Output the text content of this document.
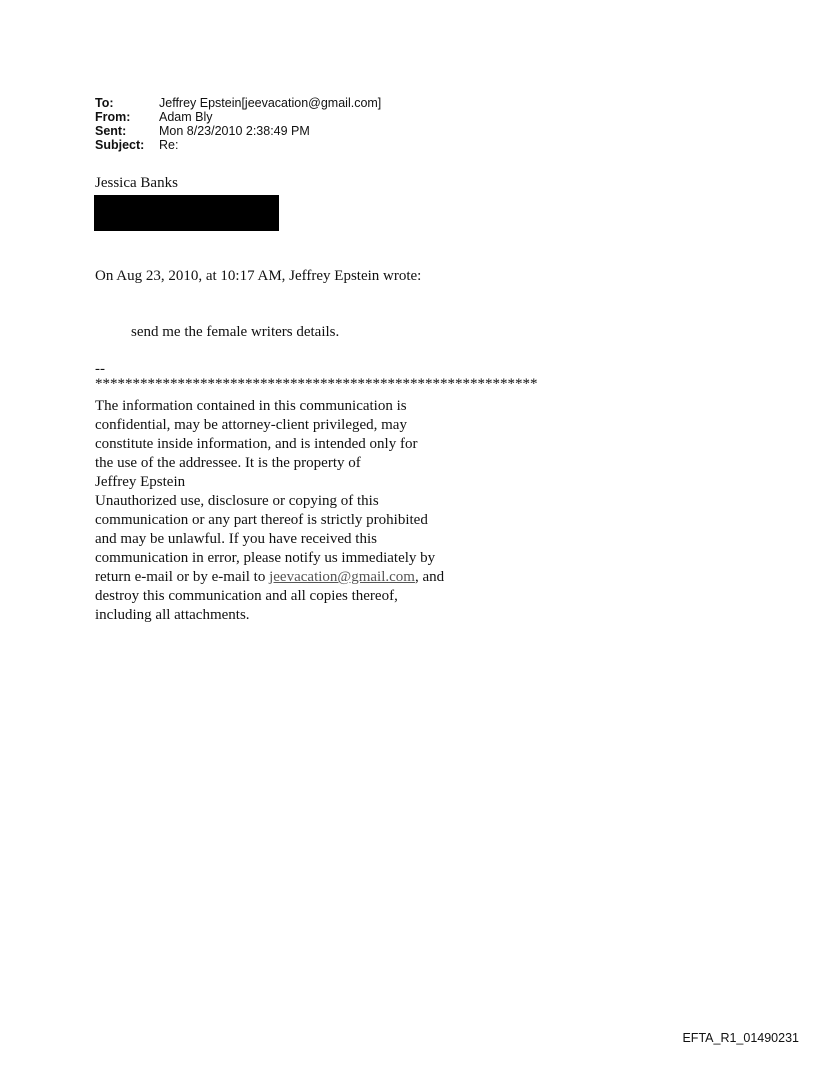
To:	Jeffrey Epstein[jeevacation@gmail.com]
From:	Adam Bly
Sent:	Mon 8/23/2010 2:38:49 PM
Subject:	Re:
Jessica Banks
On Aug 23, 2010, at 10:17 AM, Jeffrey Epstein wrote:
send me the female writers details.
--
***********************************************************
The information contained in this communication is
confidential, may be attorney-client privileged, may
constitute inside information, and is intended only for
the use of the addressee. It is the property of
Jeffrey Epstein
Unauthorized use, disclosure or copying of this
communication or any part thereof is strictly prohibited
and may be unlawful. If you have received this
communication in error, please notify us immediately by
return e-mail or by e-mail to jeevacation@gmail.com, and
destroy this communication and all copies thereof,
including all attachments.
EFTA_R1_01490231
